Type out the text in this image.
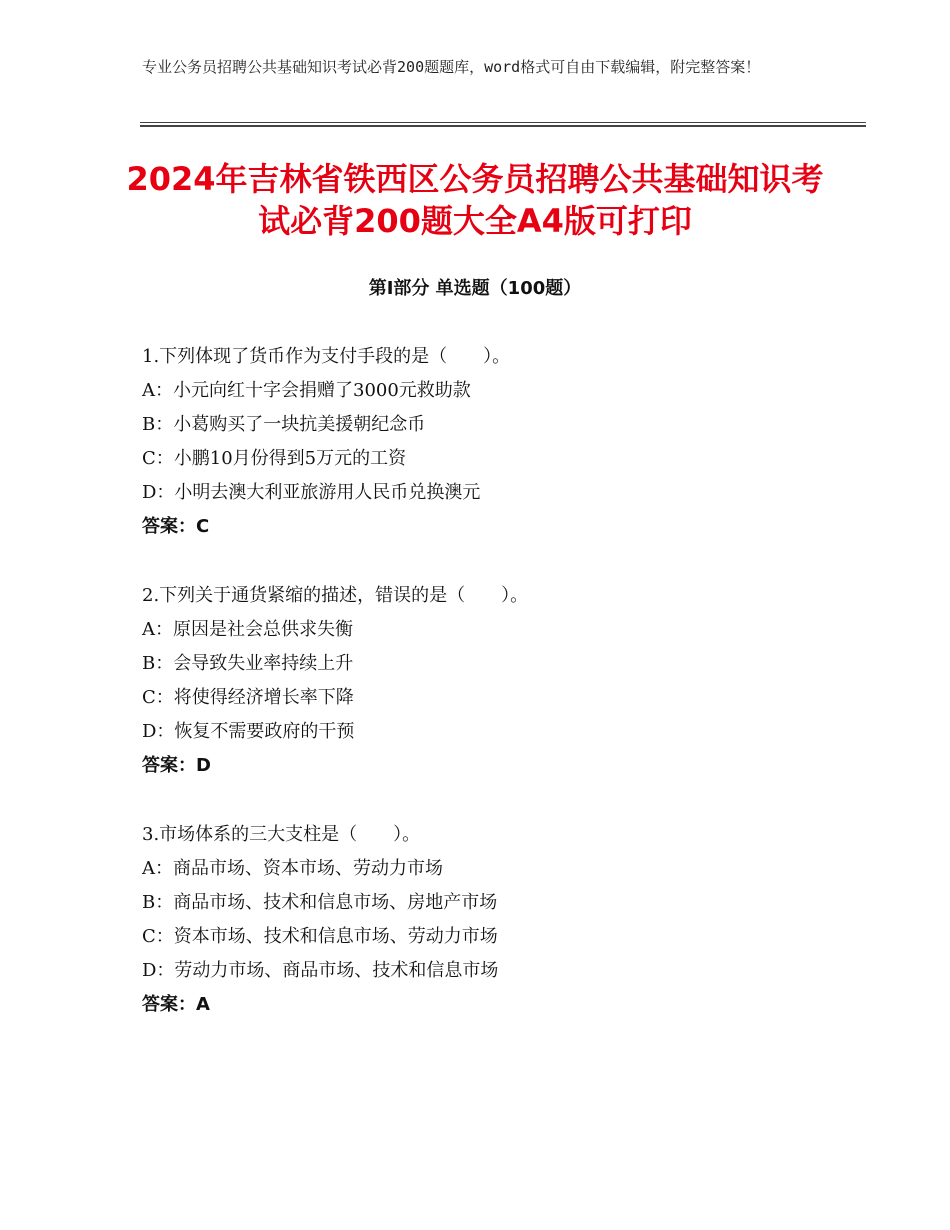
专业公务员招聘公共基础知识考试必背200题题库，word格式可自由下载编辑，附完整答案！
2024年吉林省铁西区公务员招聘公共基础知识考试必背200题大全A4版可打印
第Ⅰ部分 单选题（100题）
1.下列体现了货币作为支付手段的是（　　）。
A：小元向红十字会捐赠了3000元救助款
B：小葛购买了一块抗美援朝纪念币
C：小鹏10月份得到5万元的工资
D：小明去澳大利亚旅游用人民币兑换澳元
答案：C
2.下列关于通货紧缩的描述，错误的是（　　）。
A：原因是社会总供求失衡
B：会导致失业率持续上升
C：将使得经济增长率下降
D：恢复不需要政府的干预
答案：D
3.市场体系的三大支柱是（　　）。
A：商品市场、资本市场、劳动力市场
B：商品市场、技术和信息市场、房地产市场
C：资本市场、技术和信息市场、劳动力市场
D：劳动力市场、商品市场、技术和信息市场
答案：A
